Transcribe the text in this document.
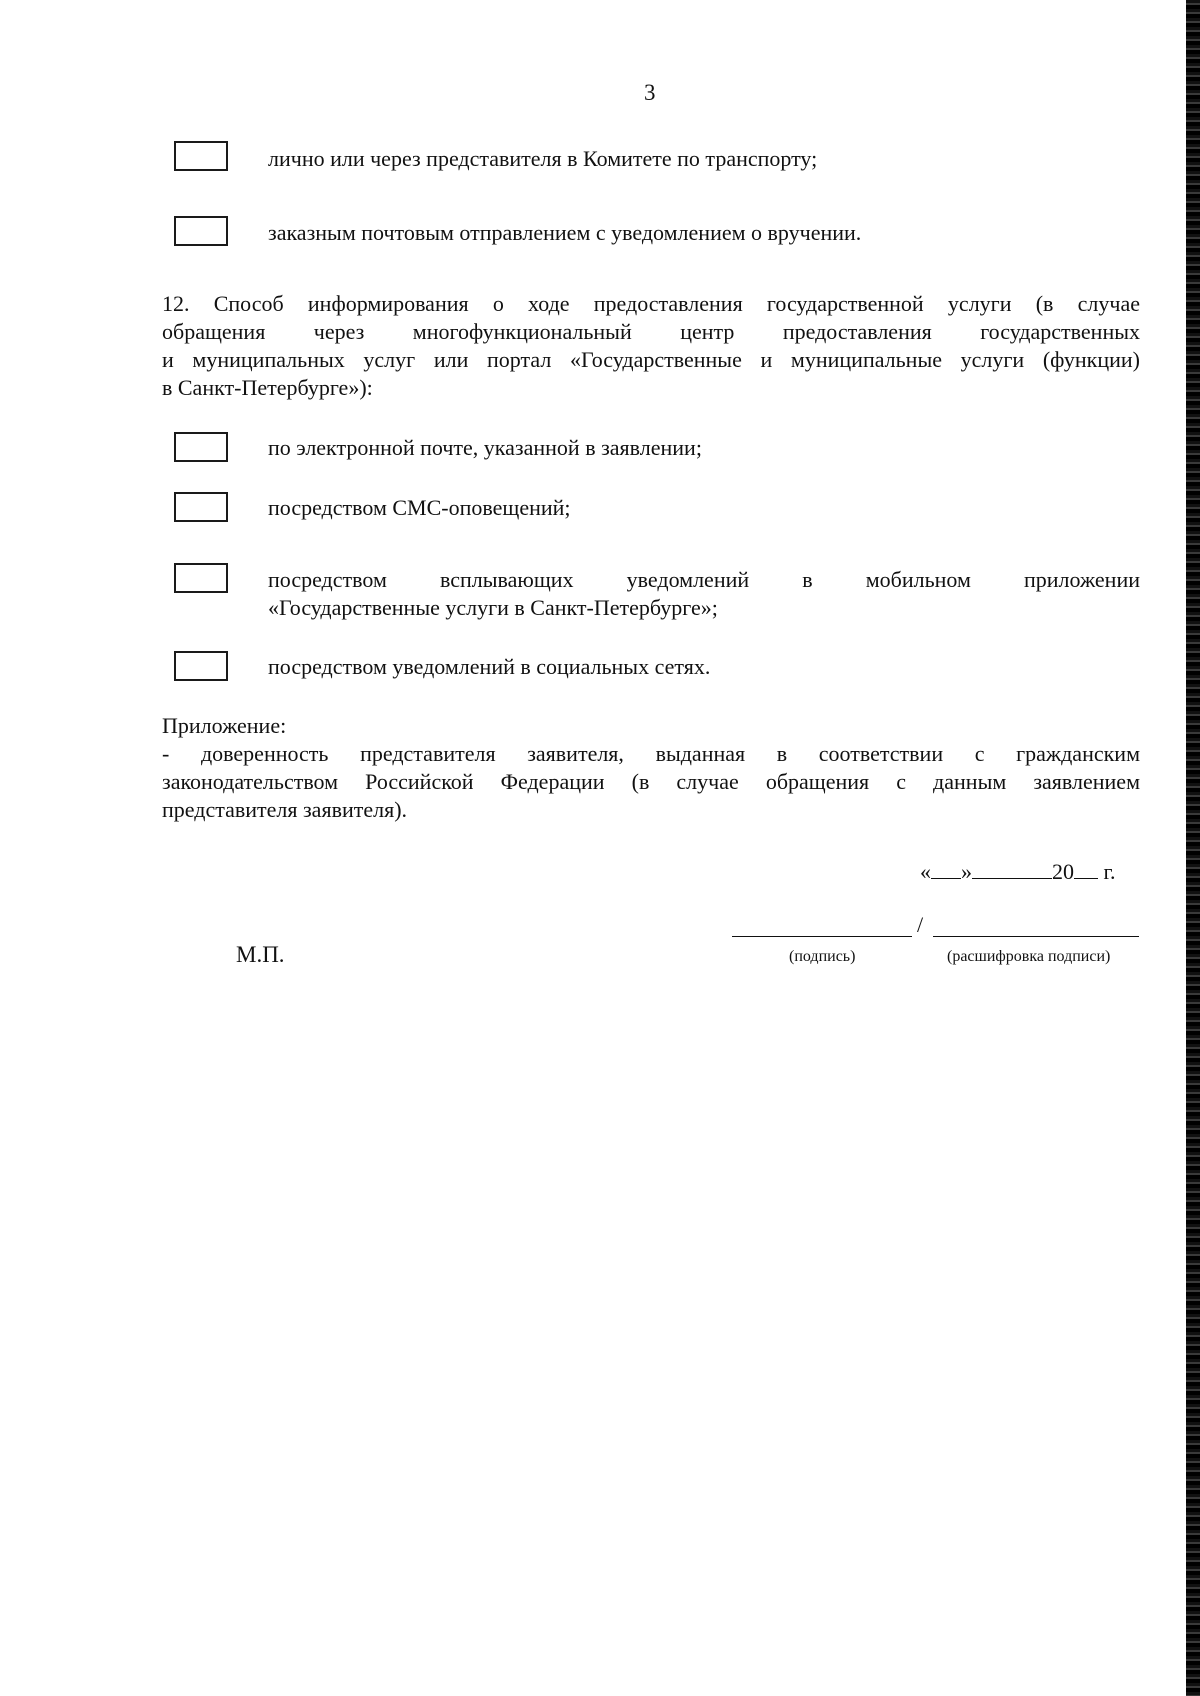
3
лично или через представителя в Комитете по транспорту;
заказным почтовым отправлением с уведомлением о вручении.
12. Способ информирования о ходе предоставления государственной услуги (в случае
обращения через многофункциональный центр предоставления государственных
и муниципальных услуг или портал «Государственные и муниципальные услуги (функции)
в Санкт-Петербурге»):
по электронной почте, указанной в заявлении;
посредством СМС-оповещений;
посредством всплывающих уведомлений в мобильном приложении
«Государственные услуги в Санкт-Петербурге»;
посредством уведомлений в социальных сетях.
Приложение:
- доверенность представителя заявителя, выданная в соответствии с гражданским
законодательством Российской Федерации (в случае обращения с данным заявлением
представителя заявителя).
« »	20 г.
/
(подпись)	(расшифровка подписи)
М.П.
